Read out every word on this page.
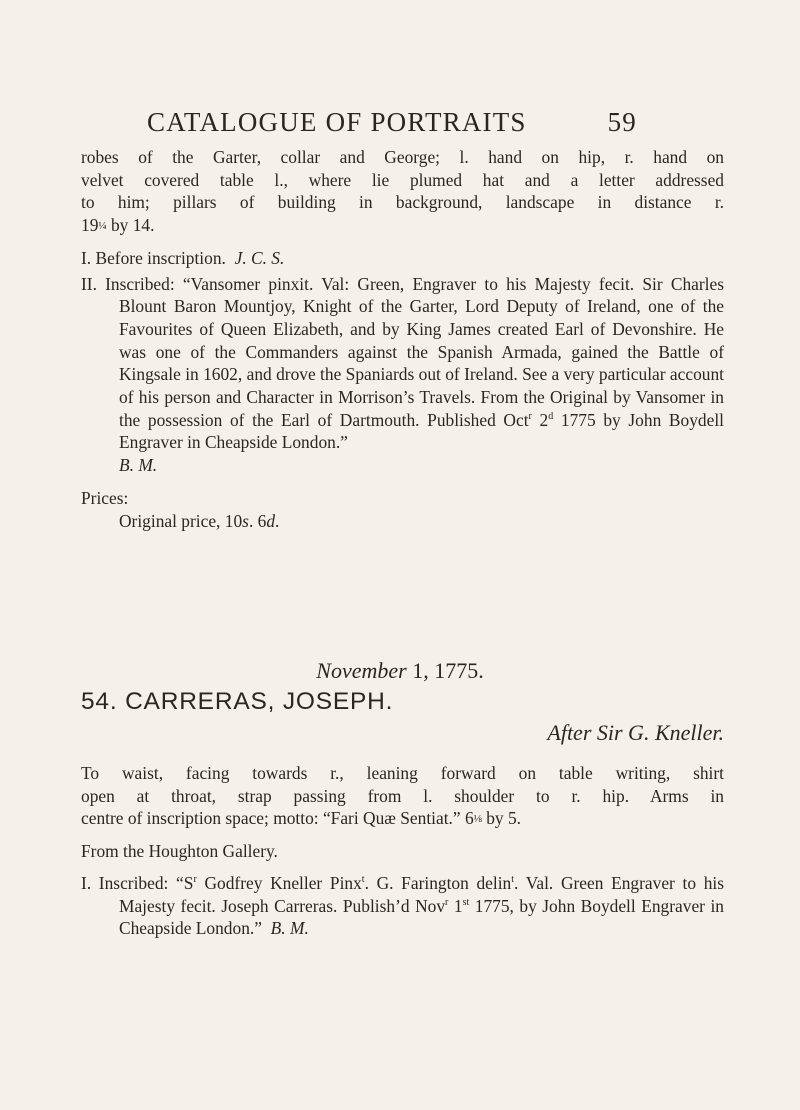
CATALOGUE OF PORTRAITS	59
robes of the Garter, collar and George; l. hand on hip, r. hand on
velvet covered table l., where lie plumed hat and a letter addressed
to him; pillars of building in background, landscape in distance r.
19¼ by 14.
I. Before inscription. J. C. S.
II. Inscribed: “Vansomer pinxit. Val: Green, Engraver to his Majesty fecit. Sir Charles Blount Baron Mountjoy, Knight of the Garter, Lord Deputy of Ireland, one of the Favourites of Queen Elizabeth, and by King James created Earl of Devonshire. He was one of the Commanders against the Spanish Armada, gained the Battle of Kingsale in 1602, and drove the Spaniards out of Ireland. See a very particular account of his person and Character in Morrison’s Travels. From the Original by Vansomer in the possession of the Earl of Dartmouth. Published Oct$^r$ 2$^d$ 1775 by John Boydell Engraver in Cheapside London.”
B. M.
Prices:
Original price, 10s. 6d.
November 1, 1775.
54. CARRERAS, JOSEPH.
After Sir G. Kneller.
To waist, facing towards r., leaning forward on table writing, shirt
open at throat, strap passing from l. shoulder to r. hip. Arms in
centre of inscription space; motto: “Fari Quæ Sentiat.” 6⅛ by 5.
From the Houghton Gallery.
I. Inscribed: “$S^r$ Godfrey Kneller Pinx$^t$. G. Farington delin$^t$. Val. Green Engraver to his Majesty fecit. Joseph Carreras. Publish’d Nov$^r$ 1st 1775, by John Boydell Engraver in Cheapside London.” B. M.
